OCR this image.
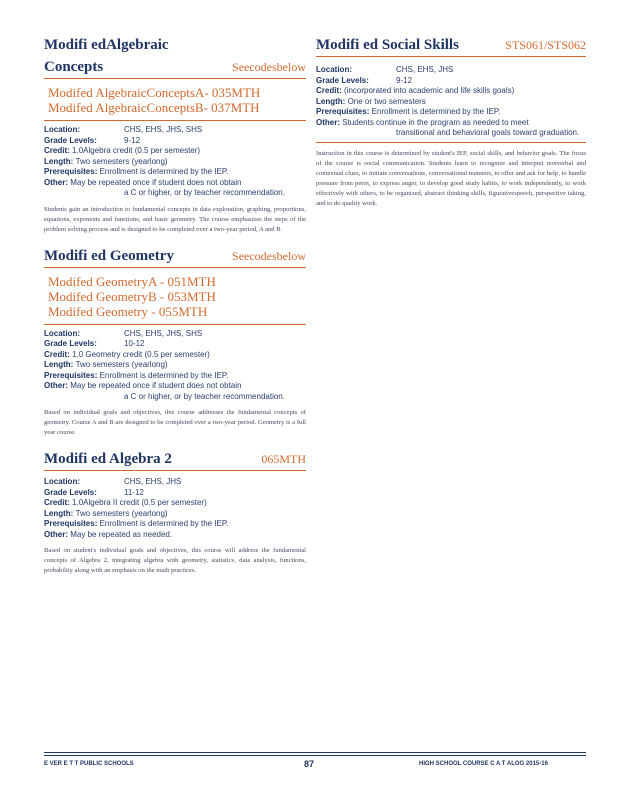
Modifi edAlgebraic
Concepts	Seecodesbelow
Modifed AlgebraicConceptsA- 035MTH
Modifed AlgebraicConceptsB- 037MTH
Location:	CHS, EHS, JHS, SHS
Grade Levels:	9-12
Credit:
1.0Algebra credit (0.5 per semester)
Length:
Two semesters (yearlong)
Prerequisites:
Enrollment is determined by the IEP.
Other:
May be repeated once if student does not obtain
a C or higher, or by teacher recommendation.
Students gain an introduction to fundamental concepts in data exploration, graphing, proportions, equations, exponents and functions, and basic geometry. The course emphasizes the steps of the problem solving process and is designed to be completed over a two-year period, A and B
Modifi ed Geometry	Seecodesbelow
Modifed GeometryA - 051MTH
Modifed GeometryB - 053MTH
Modifed Geometry - 055MTH
Location:	CHS, EHS, JHS, SHS
Grade Levels:	10-12
Credit:
1.0 Geometry credit (0.5 per semester)
Length:
Two semesters (yearlong)
Prerequisites:
Enrollment is determined by the IEP.
Other:
May be repeated once if student does not obtain
a C or higher, or by teacher recommendation.
Based on individual goals and objectives, this course addresses the fundamental concepts of geometry. Course A and B are designed to be completed over a two-year period. Geometry is a full year course.
Modifi ed Algebra 2	065MTH
Location:	CHS, EHS, JHS
Grade Levels:	11-12
Credit:
1.0Algebra II credit (0.5 per semester)
Length:
Two semesters (yearlong)
Prerequisites:
Enrollment is determined by the IEP.
Other:
May be repeated as needed.
Based on student's individual goals and objectives, this course will address the fundamental concepts of Algebra 2, integrating algebra with geometry, statistics, data analysis, functions, probability along with an emphasis on the math practices.
Modifi ed Social Skills	STS061/STS062
Location:	CHS, EHS, JHS
Grade Levels:	9-12
Credit:
(incorporated into academic and life skills goals)
Length:
One or two semesters
Prerequisites:
Enrollment is determined by the IEP.
Other:
Students continue in the program as needed to meet
transitional and behavioral goals toward graduation.
Instruction in this course is determined by student's IEP, social skills, and behavior goals. The focus of the course is social communication. Students learn to recognize and interpret nonverbal and contextual clues, to initiate conversations, conversational manners, to offer and ask for help, to handle pressure from peers, to express anger, to develop good study habits, to work independently, to work effectively with others, to be organized, abstract thinking skills, figurativespeech, perspective taking, and to do quality work.
E VER E T T PUBLIC SCHOOLS	87	HIGH SCHOOL COURSE C A T ALOG 2015-16
